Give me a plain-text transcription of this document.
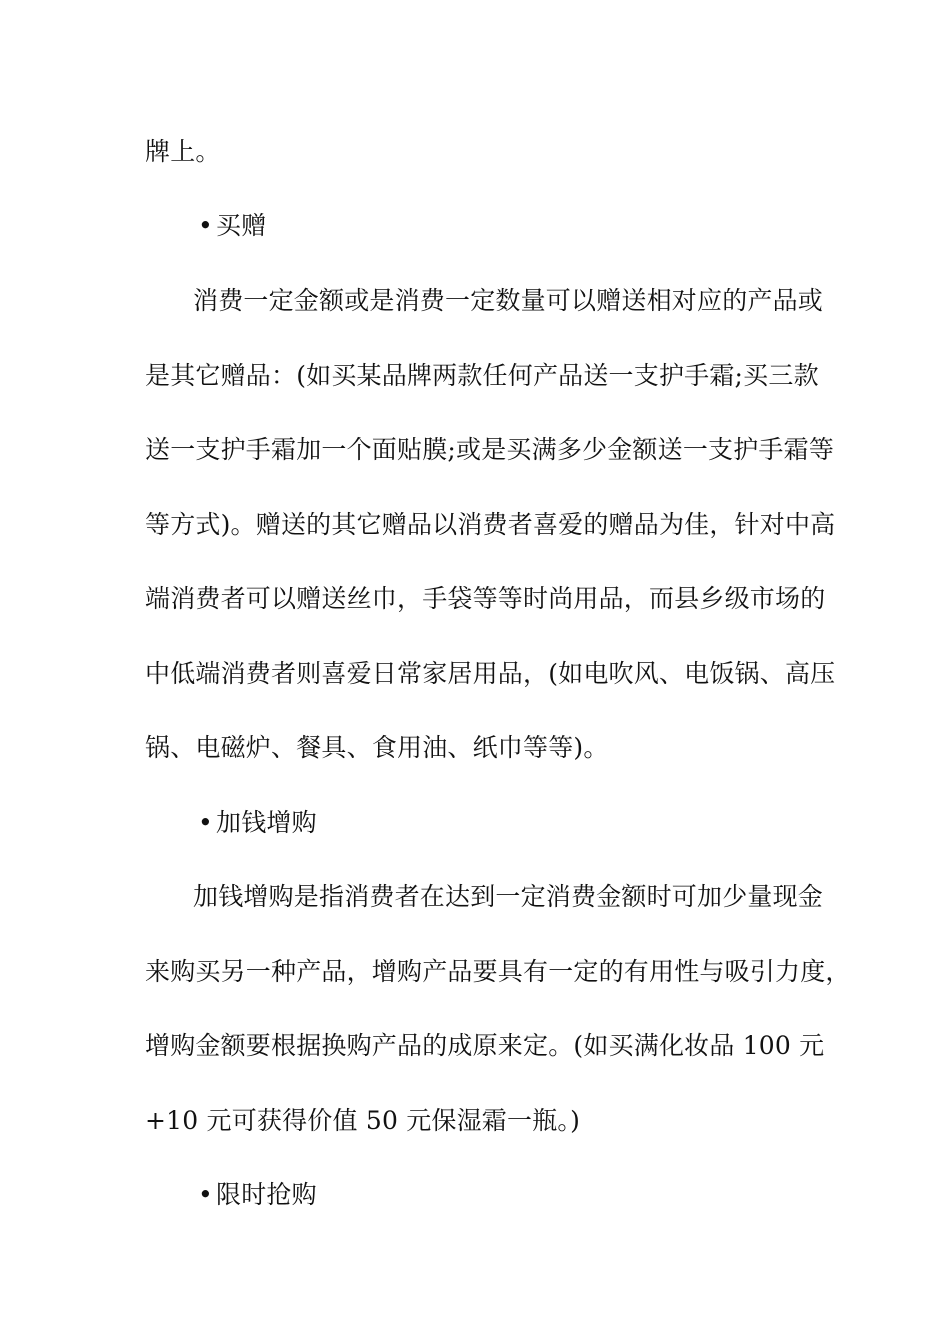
牌上。
• 买赠
消费一定金额或是消费一定数量可以赠送相对应的产品或
是其它赠品：(如买某品牌两款任何产品送一支护手霜;买三款
送一支护手霜加一个面贴膜;或是买满多少金额送一支护手霜等
等方式)。赠送的其它赠品以消费者喜爱的赠品为佳，针对中高
端消费者可以赠送丝巾，手袋等等时尚用品，而县乡级市场的
中低端消费者则喜爱日常家居用品，(如电吹风、电饭锅、高压
锅、电磁炉、餐具、食用油、纸巾等等)。
• 加钱增购
加钱增购是指消费者在达到一定消费金额时可加少量现金
来购买另一种产品，增购产品要具有一定的有用性与吸引力度，
增购金额要根据换购产品的成原来定。(如买满化妆品 100 元
+10 元可获得价值 50 元保湿霜一瓶。)
• 限时抢购
